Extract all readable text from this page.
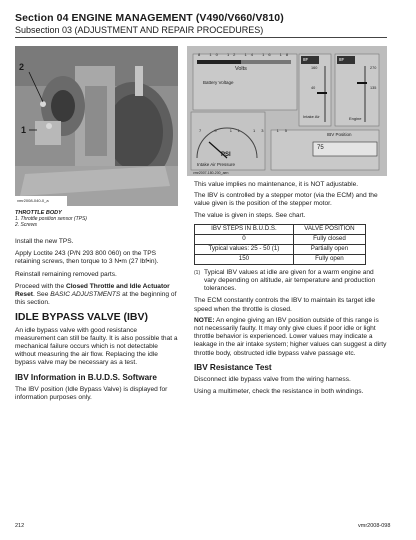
Section 04 ENGINE MANAGEMENT (V490/V660/V810)
Subsection 03 (ADJUSTMENT AND REPAIR PROCEDURES)
2
1
vmr2008-040-0_a
THROTTLE BODY
1. Throttle position sensor (TPS)
2. Screws
8 10 12 14 16 18
Volts
Battery Voltage
8F	8F
160
40
270
135
Intake Air	Engine
7 9 11 13 15
PSI
Intake Air Pressure
IBV Position
75
vmr2007-180-200_aen

Install the new TPS.

Apply Loctite 243 (P/N 293 800 060) on the TPS retaining screws, then torque to 3 N•m (27 lbf•in).

Reinstall remaining removed parts.

Proceed with the Closed Throttle and Idle Actuator Reset. See BASIC ADJUSTMENTS at the beginning of this section.

IDLE BYPASS VALVE (IBV)

An idle bypass valve with good resistance measurement can still be faulty. It is also possible that a mechanical failure occurs which is not detectable without measuring the air flow. Replacing the idle bypass valve may be necessary as a test.

IBV Information in B.U.D.S. Software

The IBV position (Idle Bypass Valve) is displayed for information purposes only.

This value implies no maintenance, it is NOT adjustable.

The IBV is controlled by a stepper motor (via the ECM) and the value given is the position of the stepper motor.

The value is given in steps. See chart.

IBV STEPS IN B.U.D.S.	VALVE POSITION
0	Fully closed
Typical values: 25 - 50 (1)	Partially open
150	Fully open
(1) Typical IBV values at idle are given for a warm engine and vary depending on altitude, air temperature and production tolerances.

The ECM constantly controls the IBV to maintain its target idle speed when the throttle is closed.

NOTE: An engine giving an IBV position outside of this range is not necessarily faulty. It may only give clues if poor idle or light throttle behavior is experienced. Lower values may indicate a leakage in the air intake system; higher values can suggest a dirty throttle body, obstructed idle bypass valve passage etc.

IBV Resistance Test

Disconnect idle bypass valve from the wiring harness.

Using a multimeter, check the resistance in both windings.

212	vmr2008-098
